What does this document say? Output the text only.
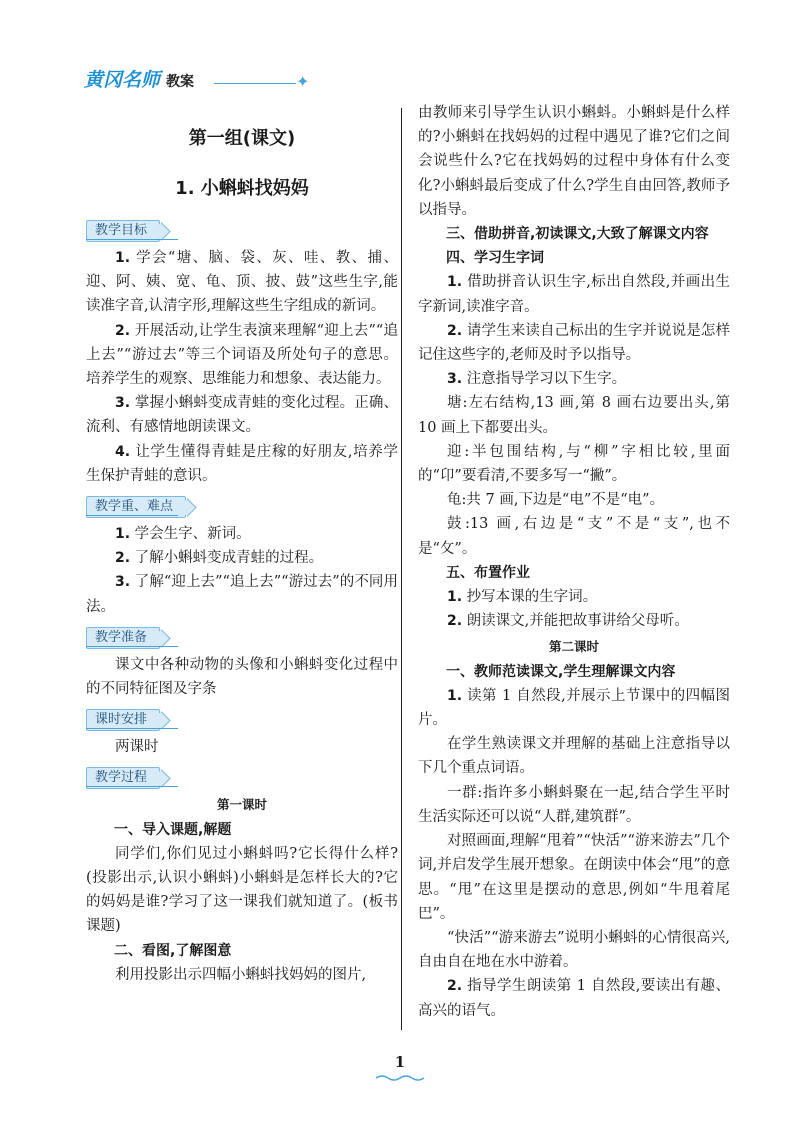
黄冈名师 教案	✦

第一组(课文)

1. 小蝌蚪找妈妈

教学目标

1. 学会“塘、脑、袋、灰、哇、教、捕、迎、阿、姨、宽、龟、顶、披、鼓”这些生字,能读准字音,认清字形,理解这些生字组成的新词。

2. 开展活动,让学生表演来理解“迎上去”“追上去”“游过去”等三个词语及所处句子的意思。培养学生的观察、思维能力和想象、表达能力。

3. 掌握小蝌蚪变成青蛙的变化过程。正确、流利、有感情地朗读课文。

4. 让学生懂得青蛙是庄稼的好朋友,培养学生保护青蛙的意识。

教学重、难点

1. 学会生字、新词。

2. 了解小蝌蚪变成青蛙的过程。

3. 了解“迎上去”“追上去”“游过去”的不同用法。

教学准备

课文中各种动物的头像和小蝌蚪变化过程中的不同特征图及字条

课时安排

两课时

教学过程

第一课时

一、导入课题,解题

同学们,你们见过小蝌蚪吗?它长得什么样?(投影出示,认识小蝌蚪)小蝌蚪是怎样长大的?它的妈妈是谁?学习了这一课我们就知道了。(板书课题)

二、看图,了解图意

利用投影出示四幅小蝌蚪找妈妈的图片,

由教师来引导学生认识小蝌蚪。小蝌蚪是什么样的?小蝌蚪在找妈妈的过程中遇见了谁?它们之间会说些什么?它在找妈妈的过程中身体有什么变化?小蝌蚪最后变成了什么?学生自由回答,教师予以指导。

三、借助拼音,初读课文,大致了解课文内容

四、学习生字词

1. 借助拼音认识生字,标出自然段,并画出生字新词,读准字音。

2. 请学生来读自己标出的生字并说说是怎样记住这些字的,老师及时予以指导。

3. 注意指导学习以下生字。

塘:左右结构,13 画,第 8 画右边要出头,第 10 画上下都要出头。

迎:半包围结构,与“柳”字相比较,里面的“卬”要看清,不要多写一“撇”。

龟:共 7 画,下边是“电”不是“电”。

鼓:13 画,右边是“支”不是“支”,也不是“攵”。

五、布置作业

1. 抄写本课的生字词。

2. 朗读课文,并能把故事讲给父母听。

第二课时

一、教师范读课文,学生理解课文内容

1. 读第 1 自然段,并展示上节课中的四幅图片。

在学生熟读课文并理解的基础上注意指导以下几个重点词语。

一群:指许多小蝌蚪聚在一起,结合学生平时生活实际还可以说“人群,建筑群”。

对照画面,理解“甩着”“快活”“游来游去”几个词,并启发学生展开想象。在朗读中体会“甩”的意思。“甩”在这里是摆动的意思,例如“牛甩着尾巴”。

“快活”“游来游去”说明小蝌蚪的心情很高兴,自由自在地在水中游着。

2. 指导学生朗读第 1 自然段,要读出有趣、高兴的语气。

1
